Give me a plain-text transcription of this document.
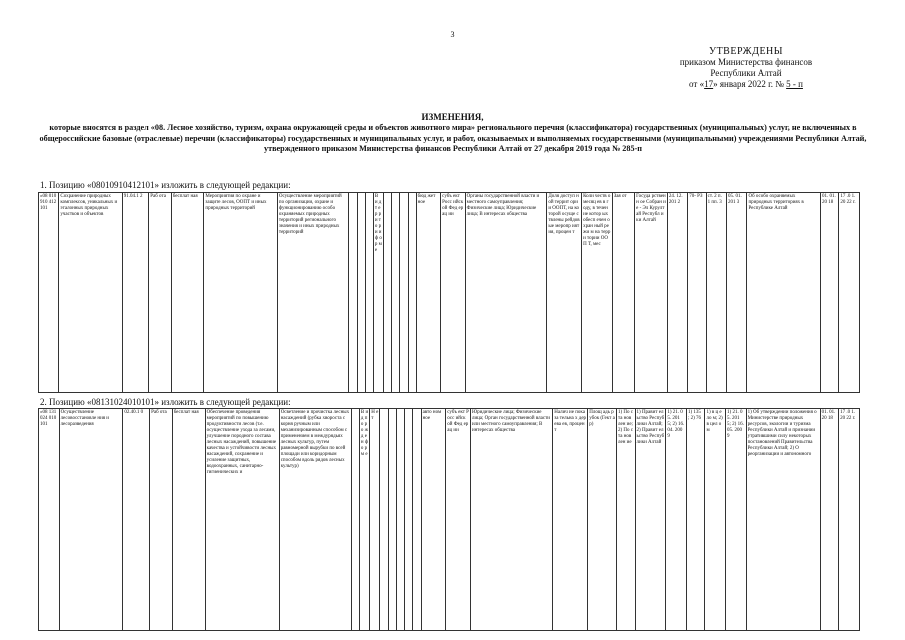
3
УТВЕРЖДЕНЫ
приказом Министерства финансов
Республики Алтай
от «17» января 2022 г. № 5 - п
ИЗМЕНЕНИЯ,
которые вносятся в раздел «08. Лесное хозяйство, туризм, охрана окружающей среды и объектов животного мира» регионального перечня (классификатора) государственных (муниципальных) услуг, не включенных в общероссийские базовые (отраслевые) перечни (классификаторы) государственных и муниципальных услуг, и работ, оказываемых и выполняемых государственными (муниципальными) учреждениями Республики Алтай, утвержденного приказом Министерства финансов Республики Алтай от 27 декабря 2019 года № 285-п
1. Позицию «08010910412101» изложить в следующей редакции:
«08 010 910 412 101	Сохранение природных комплексов, уникальных и эталонных природных участков и объектов	91.04.1 2	Раб ота	бесплат ная	Мероприятия по охране и защите лесов, ООПТ и иных природных территорий	Осуществление мероприятий по организации, охране и функционированию особо охраняемых природных территорий регионального значения и иных природных территорий				В и д т е р р и т о р и и ф о р м е					бюд жет ное	субъ ект Росс ийск ой Фед ерац ии	Органы государственной власти и местного самоуправления; Физические лица; Юридические лица; В интересах общества	Доля доступ ной террит ории ООПТ, на которой осуще ствлены рейдов ые меропр иятия, процен т	Коли честв о месяц ев в году, в течен ие котор ых обесп ечен охран ный режи м на терри тории ООП Т, мес	Зая от	Госуда рственн ое Собран ие - Эл Курулт ай Республ ики Алтай	24. 12. 201 2	70- РЗ	ст. 2 п. 1 пп. 3	05. 01. 201 3	Об особо охраняемых природных территориях в Республике Алтай	01. 01. 20 18	17 .0 1. 20 22 г.
2. Позицию «08131024010101» изложить в следующей редакции:
«08 131 024 010 101	Осуществление лесовосстановле ния и лесоразведения	02.40.1 0	Раб ота	бесплат ная	Обеспечение проведения мероприятий по повышению продуктивности лесов (т.е. осуществление ухода за лесами, улучшение породного состава лесных насаждений, повышение качества и устойчивости лесных насаждений, сохранение и усиление защитных, водоохранных, санитарно-гигиенических и	Осветление и прочистка лесных насаждений (рубка хвороста с корня ручным или механизированным способом с применением в междурядьях лесных культур, путем равномерной вырубки по всей площади или коридорным способом вдоль рядов лесных культур)		В и д п о р о ж д е н ф о р м е	Н е т						авто ном ное	субъ ект Росс ийск ой Фед ерац ии	Юридические лица; Физические лица; Орган государственной власти или местного самоуправления; В интересах общества	Налич ие показа тельна х дерева ев, процен т	Площ адь рубок (Гект ар)	1) По ста нов лен ие; 2) По ста нов лен ие	1) Правит ельство Респуб лики Алтай; 2) Правит ельство Респуб лики Алтай	1) 21. 05. 201 5; 2) 16. 04. 200 9	1) 135 ; 2) 76	1) в ц ело м; 2) в цел ом	1) 21. 05. 201 5; 2) 16. 05. 200 9	1) Об утверждении положения о Министерстве природных ресурсов, экологии и туризма Республики Алтай и признании утратившими силу некоторых постановлений Правительства Республики Алтай; 2) О реорганизации и автономного	01. 01. 20 18	17 .0 1. 20 22 г.
